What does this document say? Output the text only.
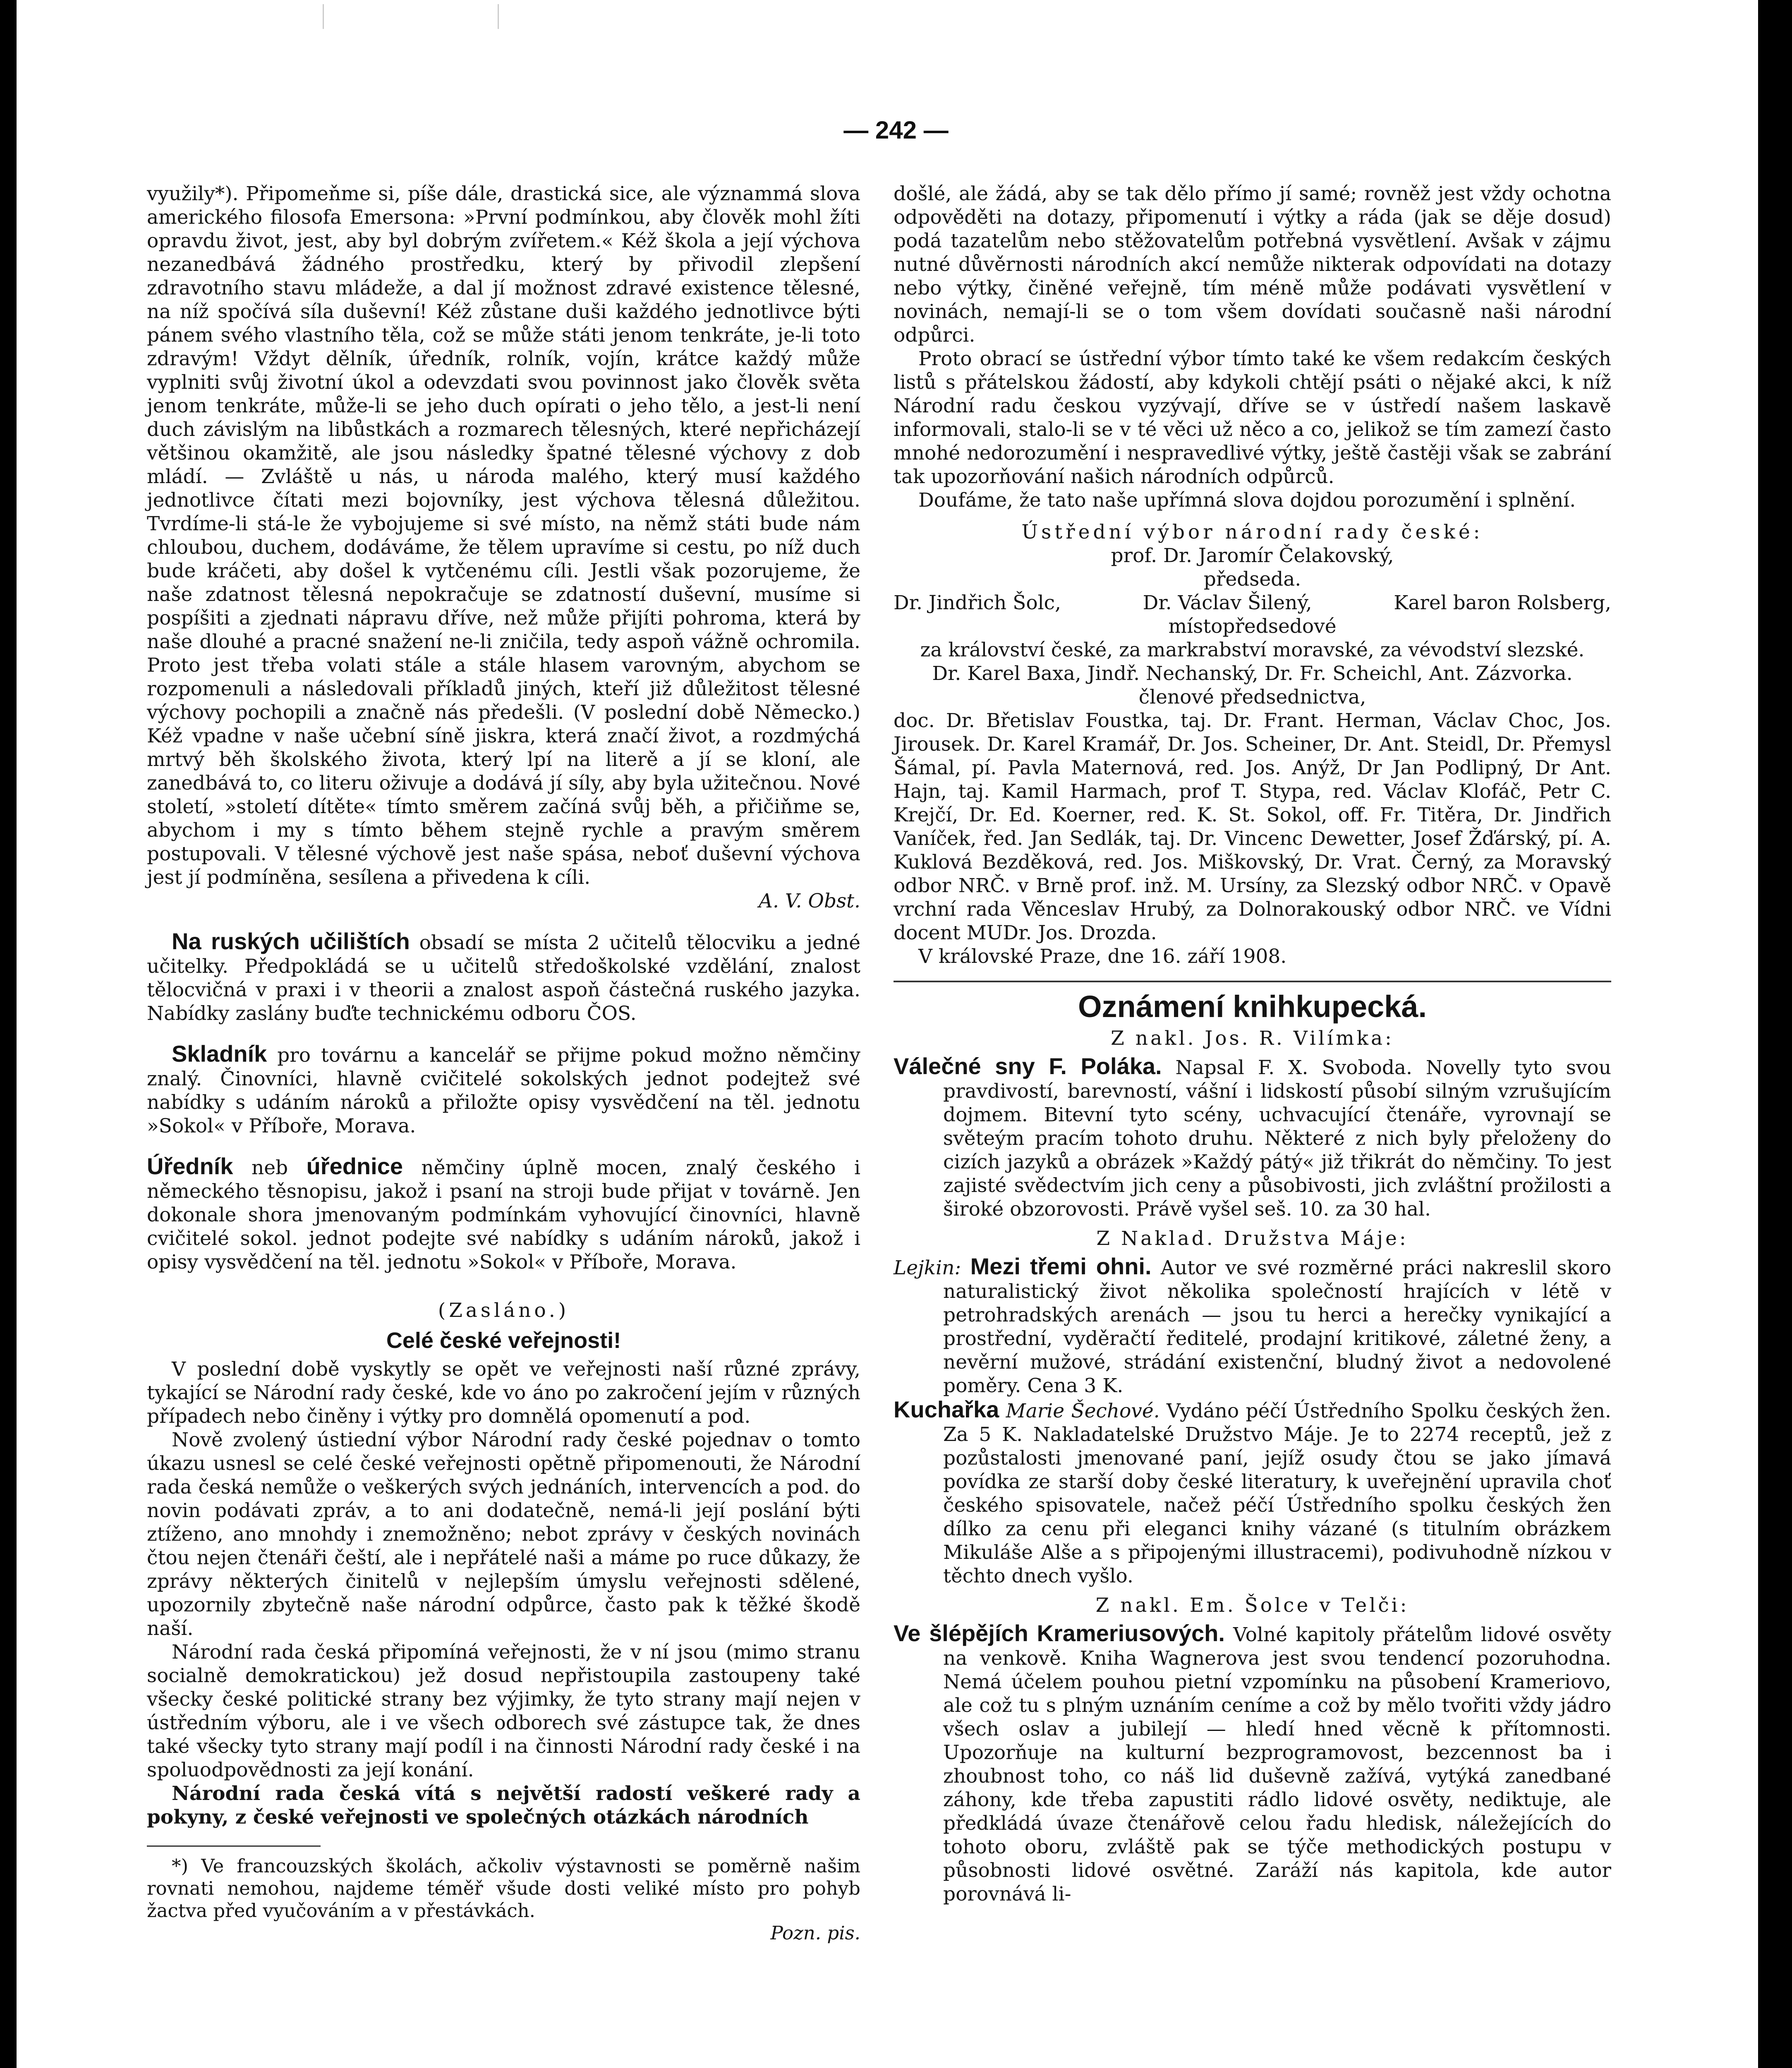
— 242 —

využily*). Připomeňme si, píše dále, drastická sice, ale význammá slova amerického filosofa Emersona: »První podmínkou, aby člověk mohl žíti opravdu život, jest, aby byl dobrým zvířetem.« Kéž škola a její výchova nezanedbává žádného prostředku, který by přivodil zlepšení zdravotního stavu mládeže, a dal jí možnost zdravé existence tělesné, na níž spočívá síla duševní! Kéž zůstane duši každého jednotlivce býti pánem svého vlastního těla, což se může státi jenom tenkráte, je-li toto zdravým! Vždyt dělník, úředník, rolník, vojín, krátce každý může vyplniti svůj životní úkol a odevzdati svou povinnost jako člověk světa jenom tenkráte, může-li se jeho duch opírati o jeho tělo, a jest-li není duch závislým na libůstkách a rozmarech tělesných, které nepřicházejí většinou okamžitě, ale jsou následky špatné tělesné výchovy z dob mládí. — Zvláště u nás, u národa malého, který musí každého jednotlivce čítati mezi bojovníky, jest výchova tělesná důležitou. Tvrdíme-li stá-le že vybojujeme si své místo, na němž státi bude nám chloubou, duchem, dodáváme, že tělem upravíme si cestu, po níž duch bude kráčeti, aby došel k vytčenému cíli. Jestli však pozorujeme, že naše zdatnost tělesná nepokračuje se zdatností duševní, musíme si pospíšiti a zjednati nápravu dříve, než může přijíti pohroma, která by naše dlouhé a pracné snažení ne-li zničila, tedy aspoň vážně ochromila. Proto jest třeba volati stále a stále hlasem varovným, abychom se rozpomenuli a následovali příkladů jiných, kteří již důležitost tělesné výchovy pochopili a značně nás předešli. (V poslední době Německo.) Kéž vpadne v naše učební síně jiskra, která značí život, a rozdmýchá mrtvý běh školského života, který lpí na literě a jí se kloní, ale zanedbává to, co literu oživuje a dodává jí síly, aby byla užitečnou. Nové století, »století dítěte« tímto směrem začíná svůj běh, a přičiňme se, abychom i my s tímto během stejně rychle a pravým směrem postupovali. V tělesné výchově jest naše spása, neboť duševní výchova jest jí podmíněna, sesílena a přivedena k cíli.

A. V. Obst.

Na ruských učilištích obsadí se místa 2 učitelů tělocviku a jedné učitelky. Předpokládá se u učitelů středoškolské vzdělání, znalost tělocvičná v praxi i v theorii a znalost aspoň částečná ruského jazyka. Nabídky zaslány buďte technickému odboru ČOS.

Skladník pro továrnu a kancelář se přijme pokud možno němčiny znalý. Činovníci, hlavně cvičitelé sokolských jednot podejtež své nabídky s udáním nároků a přiložte opisy vysvědčení na těl. jednotu »Sokol« v Příboře, Morava.

Úředník neb úřednice němčiny úplně mocen, znalý českého i německého těsnopisu, jakož i psaní na stroji bude přijat v továrně. Jen dokonale shora jmenovaným podmínkám vyhovující činovníci, hlavně cvičitelé sokol. jednot podejte své nabídky s udáním nároků, jakož i opisy vysvědčení na těl. jednotu »Sokol« v Příboře, Morava.

(Zasláno.)

Celé české veřejnosti!

V poslední době vyskytly se opět ve veřejnosti naší různé zprávy, tykající se Národní rady české, kde vo áno po zakročení jejím v různých případech nebo činěny i výtky pro domnělá opomenutí a pod.

Nově zvolený ústiední výbor Národní rady české pojednav o tomto úkazu usnesl se celé české veřejnosti opětně připomenouti, že Národní rada česká nemůže o veškerých svých jednáních, intervencích a pod. do novin podávati zpráv, a to ani dodatečně, nemá-li její poslání býti ztíženo, ano mnohdy i znemožněno; nebot zprávy v českých novinách čtou nejen čtenáři čeští, ale i nepřátelé naši a máme po ruce důkazy, že zprávy některých činitelů v nejlepším úmyslu veřejnosti sdělené, upozornily zbytečně naše národní odpůrce, často pak k těžké škodě naší.

Národní rada česká připomíná veřejnosti, že v ní jsou (mimo stranu socialně demokratickou) jež dosud nepřistoupila zastoupeny také všecky české politické strany bez výjimky, že tyto strany mají nejen v ústředním výboru, ale i ve všech odborech své zástupce tak, že dnes také všecky tyto strany mají podíl i na činnosti Národní rady české i na spoluodpovědnosti za její konání.

Národní rada česká vítá s největší radostí veškeré rady a pokyny, z české veřejnosti ve společných otázkách národních

*) Ve francouzských školách, ačkoliv výstavnosti se poměrně našim rovnati nemohou, najdeme téměř všude dosti veliké místo pro pohyb žactva před vyučováním a v přestávkách.

Pozn. pis.

došlé, ale žádá, aby se tak dělo přímo jí samé; rovněž jest vždy ochotna odpověděti na dotazy, připomenutí i výtky a ráda (jak se děje dosud) podá tazatelům nebo stěžovatelům potřebná vysvětlení. Avšak v zájmu nutné důvěrnosti národních akcí nemůže nikterak odpovídati na dotazy nebo výtky, činěné veřejně, tím méně může podávati vysvětlení v novinách, nemají-li se o tom všem dovídati současně naši národní odpůrci.

Proto obrací se ústřední výbor tímto také ke všem redakcím českých listů s přátelskou žádostí, aby kdykoli chtějí psáti o nějaké akci, k níž Národní radu českou vyzývají, dříve se v ústředí našem laskavě informovali, stalo-li se v té věci už něco a co, jelikož se tím zamezí často mnohé nedorozumění i nespravedlivé výtky, ještě častěji však se zabrání tak upozorňování našich národních odpůrců.

Doufáme, že tato naše upřímná slova dojdou porozumění i splnění.

Ústřední výbor národní rady české:

prof. Dr. Jaromír Čelakovský,

předseda.

Dr. Jindřich Šolc,	Dr. Václav Šilený,	Karel baron Rolsberg,

místopředsedové

za království české, za markrabství moravské, za vévodství slezské.

Dr. Karel Baxa, Jindř. Nechanský, Dr. Fr. Scheichl, Ant. Zázvorka.

členové předsednictva,

doc. Dr. Břetislav Foustka, taj. Dr. Frant. Herman, Václav Choc, Jos. Jirousek. Dr. Karel Kramář, Dr. Jos. Scheiner, Dr. Ant. Steidl, Dr. Přemysl Šámal, pí. Pavla Maternová, red. Jos. Anýž, Dr Jan Podlipný, Dr Ant. Hajn, taj. Kamil Harmach, prof T. Stypa, red. Václav Klofáč, Petr C. Krejčí, Dr. Ed. Koerner, red. K. St. Sokol, off. Fr. Titěra, Dr. Jindřich Vaníček, řed. Jan Sedlák, taj. Dr. Vincenc Dewetter, Josef Žďárský, pí. A. Kuklová Bezděková, red. Jos. Miškovský, Dr. Vrat. Černý, za Moravský odbor NRČ. v Brně prof. inž. M. Ursíny, za Slezský odbor NRČ. v Opavě vrchní rada Věnceslav Hrubý, za Dolnorakouský odbor NRČ. ve Vídni docent MUDr. Jos. Drozda.

V královské Praze, dne 16. září 1908.

Oznámení knihkupecká.

Z nakl. Jos. R. Vilímka:

Válečné sny F. Poláka. Napsal F. X. Svoboda. Novelly tyto svou pravdivostí, barevností, vášní i lidskostí působí silným vzrušujícím dojmem. Bitevní tyto scény, uchvacující čtenáře, vyrovnají se světeým pracím tohoto druhu. Některé z nich byly přeloženy do cizích jazyků a obrázek »Každý pátý« již třikrát do němčiny. To jest zajisté svědectvím jich ceny a působivosti, jich zvláštní prožilosti a široké obzorovosti. Právě vyšel seš. 10. za 30 hal.

Z Naklad. Družstva Máje:

Lejkin: Mezi třemi ohni. Autor ve své rozměrné práci nakreslil skoro naturalistický život několika společností hrajících v létě v petrohradských arenách — jsou tu herci a herečky vynikající a prostřední, vyděračtí ředitelé, prodajní kritikové, záletné ženy, a nevěrní mužové, strádání existenční, bludný život a nedovolené poměry. Cena 3 K.

Kuchařka Marie Šechové. Vydáno péčí Ústředního Spolku českých žen. Za 5 K. Nakladatelské Družstvo Máje. Je to 2274 receptů, jež z pozůstalosti jmenované paní, jejíž osudy čtou se jako jímavá povídka ze starší doby české literatury, k uveřejnění upravila choť českého spisovatele, načež péčí Ústředního spolku českých žen dílko za cenu při eleganci knihy vázané (s titulním obrázkem Mikuláše Alše a s připojenými illustracemi), podivuhodně nízkou v těchto dnech vyšlo.

Z nakl. Em. Šolce v Telči:

Ve šlépějích Krameriusových. Volné kapitoly přátelům lidové osvěty na venkově. Kniha Wagnerova jest svou tendencí pozoruhodna. Nemá účelem pouhou pietní vzpomínku na působení Krameriovo, ale což tu s plným uznáním ceníme a což by mělo tvořiti vždy jádro všech oslav a jubilejí — hledí hned věcně k přítomnosti. Upozorňuje na kulturní bezprogramovost, bezcennost ba i zhoubnost toho, co náš lid duševně zažívá, vytýká zanedbané záhony, kde třeba zapustiti rádlo lidové osvěty, nediktuje, ale předkládá úvaze čtenářově celou řadu hledisk, náležejících do tohoto oboru, zvláště pak se týče methodických postupu v působnosti lidové osvětné. Zaráží nás kapitola, kde autor porovnává li-
